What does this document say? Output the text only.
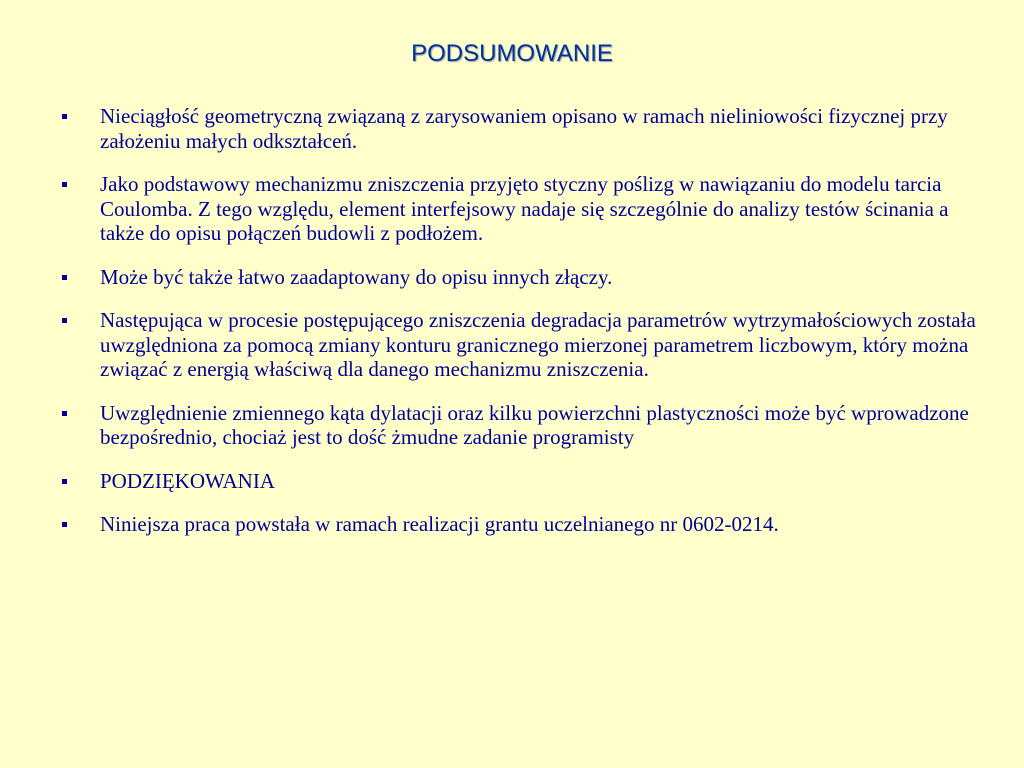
PODSUMOWANIE
Nieciągłość geometryczną związaną z zarysowaniem opisano w ramach nieliniowości fizycznej przy założeniu małych odkształceń.
Jako podstawowy mechanizmu zniszczenia przyjęto styczny poślizg w nawiązaniu do modelu tarcia Coulomba. Z tego względu, element interfejsowy nadaje się szczególnie do analizy testów ścinania a także do opisu połączeń budowli z podłożem.
Może być także łatwo zaadaptowany do opisu innych złączy.
Następująca w procesie postępującego zniszczenia degradacja parametrów wytrzymałościowych została uwzględniona za pomocą zmiany konturu granicznego mierzonej parametrem liczbowym, który można związać z energią właściwą dla danego mechanizmu zniszczenia.
Uwzględnienie zmiennego kąta dylatacji oraz kilku powierzchni plastyczności może być wprowadzone bezpośrednio, chociaż jest to dość żmudne zadanie programisty
PODZIĘKOWANIA
Niniejsza praca powstała w ramach realizacji grantu uczelnianego nr 0602-0214.
